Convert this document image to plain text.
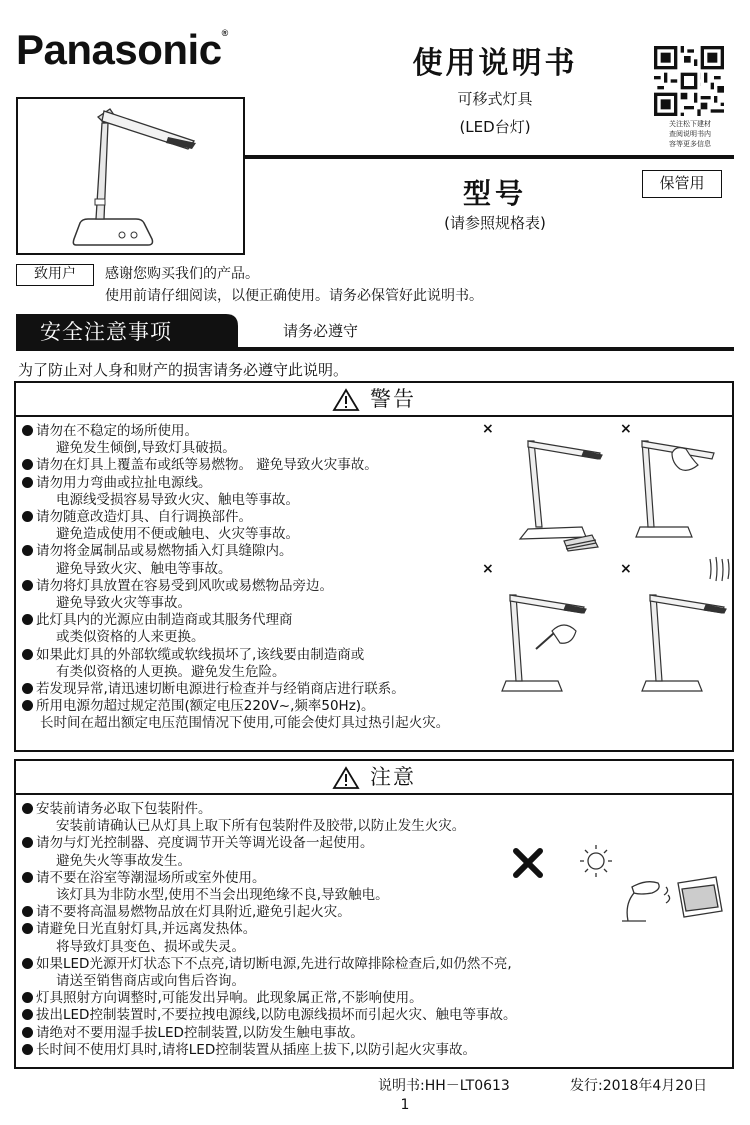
Panasonic®
使用说明书
可移式灯具
(LED台灯)	关注松下建材
查阅说明书内
容等更多信息
保管用
型号
(请参照规格表)
致用户	感谢您购买我们的产品。
使用前请仔细阅读，以便正确使用。请务必保管好此说明书。
安全注意事项	请务必遵守
为了防止对人身和财产的损害请务必遵守此说明。
警告
请勿在不稳定的场所使用。
避免发生倾倒,导致灯具破损。
请勿在灯具上覆盖布或纸等易燃物。 避免导致火灾事故。
请勿用力弯曲或拉扯电源线。
电源线受损容易导致火灾、触电等事故。
请勿随意改造灯具、自行调换部件。
避免造成使用不便或触电、火灾等事故。
请勿将金属制品或易燃物插入灯具缝隙内。
避免导致火灾、触电等事故。
请勿将灯具放置在容易受到风吹或易燃物品旁边。
避免导致火灾等事故。
此灯具内的光源应由制造商或其服务代理商
或类似资格的人来更换。
如果此灯具的外部软缆或软线损坏了,该线要由制造商或
有类似资格的人更换。避免发生危险。
若发现异常,请迅速切断电源进行检查并与经销商店进行联系。
所用电源勿超过规定范围(额定电压220V~,频率50Hz)。
长时间在超出额定电压范围情况下使用,可能会使灯具过热引起火灾。
×	×
×	×
注意
安装前请务必取下包装附件。
安装前请确认已从灯具上取下所有包装附件及胶带,以防止发生火灾。
请勿与灯光控制器、亮度调节开关等调光设备一起使用。
避免失火等事故发生。
请不要在浴室等潮湿场所或室外使用。
该灯具为非防水型,使用不当会出现绝缘不良,导致触电。
请不要将高温易燃物品放在灯具附近,避免引起火灾。
请避免日光直射灯具,并远离发热体。
将导致灯具变色、损坏或失灵。
如果LED光源开灯状态下不点亮,请切断电源,先进行故障排除检查后,如仍然不亮,
请送至销售商店或向售后咨询。
灯具照射方向调整时,可能发出异响。此现象属正常,不影响使用。
拔出LED控制装置时,不要拉拽电源线,以防电源线损坏而引起火灾、触电等事故。
请绝对不要用湿手拔LED控制装置,以防发生触电事故。
长时间不使用灯具时,请将LED控制装置从插座上拔下,以防引起火灾事故。
说明书:HH－LT0613	发行:2018年4月20日
1
